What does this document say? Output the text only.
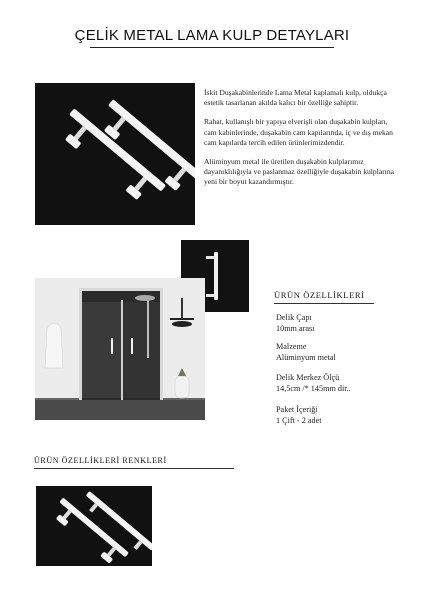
ÇELİK METAL LAMA KULP DETAYLARI

İskit Duşakabinlerinde Lama Metal kaplamalı kulp, oldukça estetik tasarlanan akılda kalıcı bir özelliğe sahiptir.

Rahat, kullanışlı bir yapıya elverişli olan duşakabin kulpları, cam kabinlerinde, duşakabin cam kapılarında, iç ve dış mekan cam kapılarda tercih edilen ürünlerimizdendir.

Alüminyum metal ile üretilen duşakabin kulplarımız dayanıklılığıyla ve paslanmaz özelliğiyle duşakabin kulplarına yeni bir boyut kazandırmıştır.

ÜRÜN ÖZELLİKLERİ
Delik Çapı
10mm arası
Malzeme
Alüminyum metal
Delik Merkez Ölçü
14,5cm /* 145mm dir..
Paket İçeriği
1 Çift - 2 adet
ÜRÜN ÖZELLİKLERİ RENKLERİ
